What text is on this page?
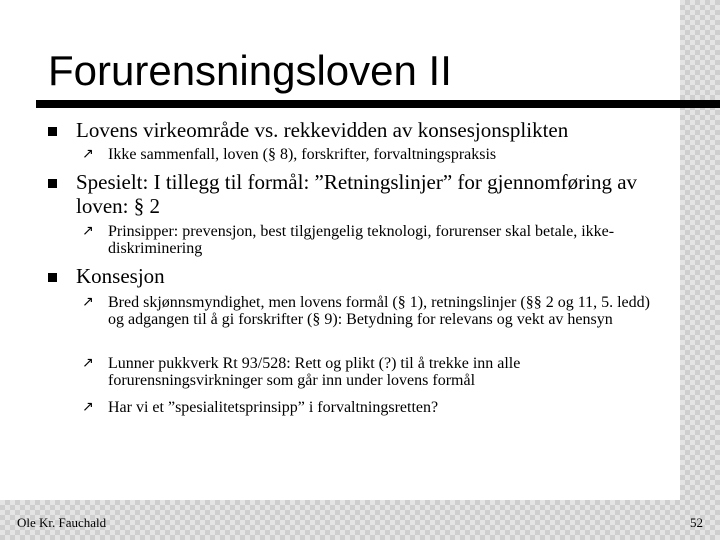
Forurensningsloven II
Lovens virkeområde vs. rekkevidden av konsesjonsplikten
↗ Ikke sammenfall, loven (§ 8), forskrifter, forvaltningspraksis
Spesielt: I tillegg til formål: ”Retningslinjer” for gjennomføring av loven: § 2
↗ Prinsipper: prevensjon, best tilgjengelig teknologi, forurenser skal betale, ikke-diskriminering
Konsesjon
↗ Bred skjønnsmyndighet, men lovens formål (§ 1), retningslinjer (§§ 2 og 11, 5. ledd) og adgangen til å gi forskrifter (§ 9): Betydning for relevans og vekt av hensyn
↗ Lunner pukkverk Rt 93/528: Rett og plikt (?) til å trekke inn alle forurensningsvirkninger som går inn under lovens formål
↗ Har vi et ”spesialitetsprinsipp” i forvaltningsretten?
Ole Kr. Fauchald	52
